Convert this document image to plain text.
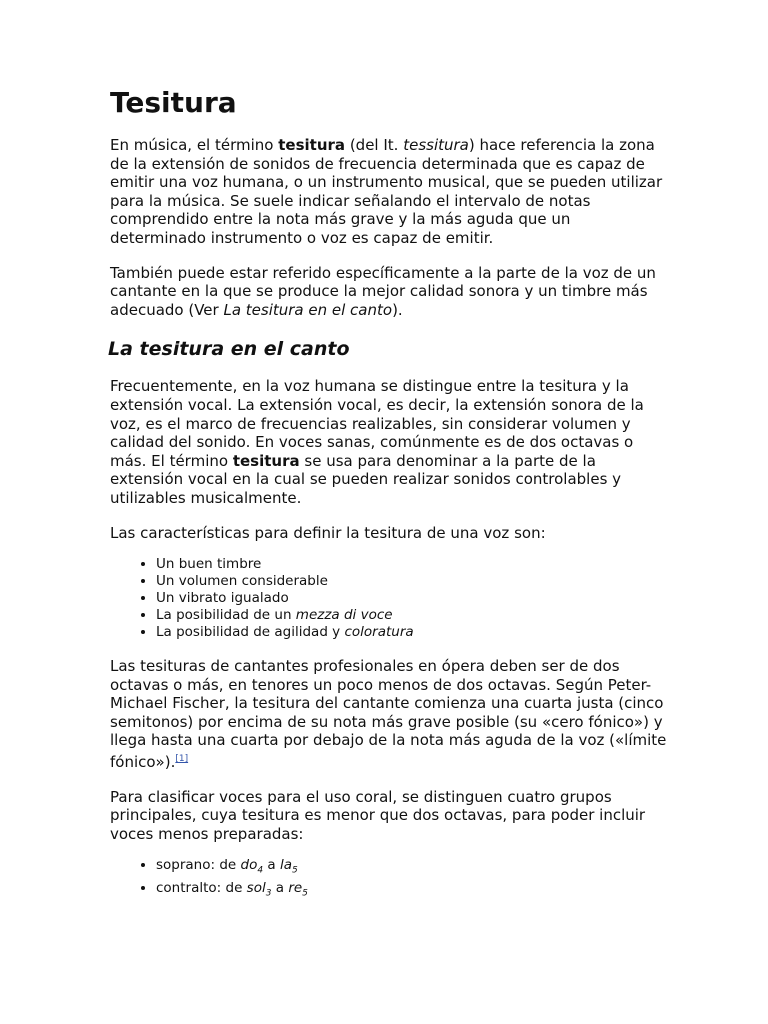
Tesitura

En música, el término tesitura (del It. tessitura) hace referencia la zona de la extensión de sonidos de frecuencia determinada que es capaz de emitir una voz humana, o un instrumento musical, que se pueden utilizar para la música. Se suele indicar señalando el intervalo de notas comprendido entre la nota más grave y la más aguda que un determinado instrumento o voz es capaz de emitir.

También puede estar referido específicamente a la parte de la voz de un cantante en la que se produce la mejor calidad sonora y un timbre más adecuado (Ver La tesitura en el canto).

La tesitura en el canto

Frecuentemente, en la voz humana se distingue entre la tesitura y la extensión vocal. La extensión vocal, es decir, la extensión sonora de la voz, es el marco de frecuencias realizables, sin considerar volumen y calidad del sonido. En voces sanas, comúnmente es de dos octavas o más. El término tesitura se usa para denominar a la parte de la extensión vocal en la cual se pueden realizar sonidos controlables y utilizables musicalmente.

Las características para definir la tesitura de una voz son:

• Un buen timbre
• Un volumen considerable
• Un vibrato igualado
• La posibilidad de un mezza di voce
• La posibilidad de agilidad y coloratura

Las tesituras de cantantes profesionales en ópera deben ser de dos octavas o más, en tenores un poco menos de dos octavas. Según Peter-Michael Fischer, la tesitura del cantante comienza una cuarta justa (cinco semitonos) por encima de su nota más grave posible (su «cero fónico») y llega hasta una cuarta por debajo de la nota más aguda de la voz («límite fónico»).[1]

Para clasificar voces para el uso coral, se distinguen cuatro grupos principales, cuya tesitura es menor que dos octavas, para poder incluir voces menos preparadas:

• soprano: de $do_4$ a $la_5$
• contralto: de sol$_3$ a $re_5$
